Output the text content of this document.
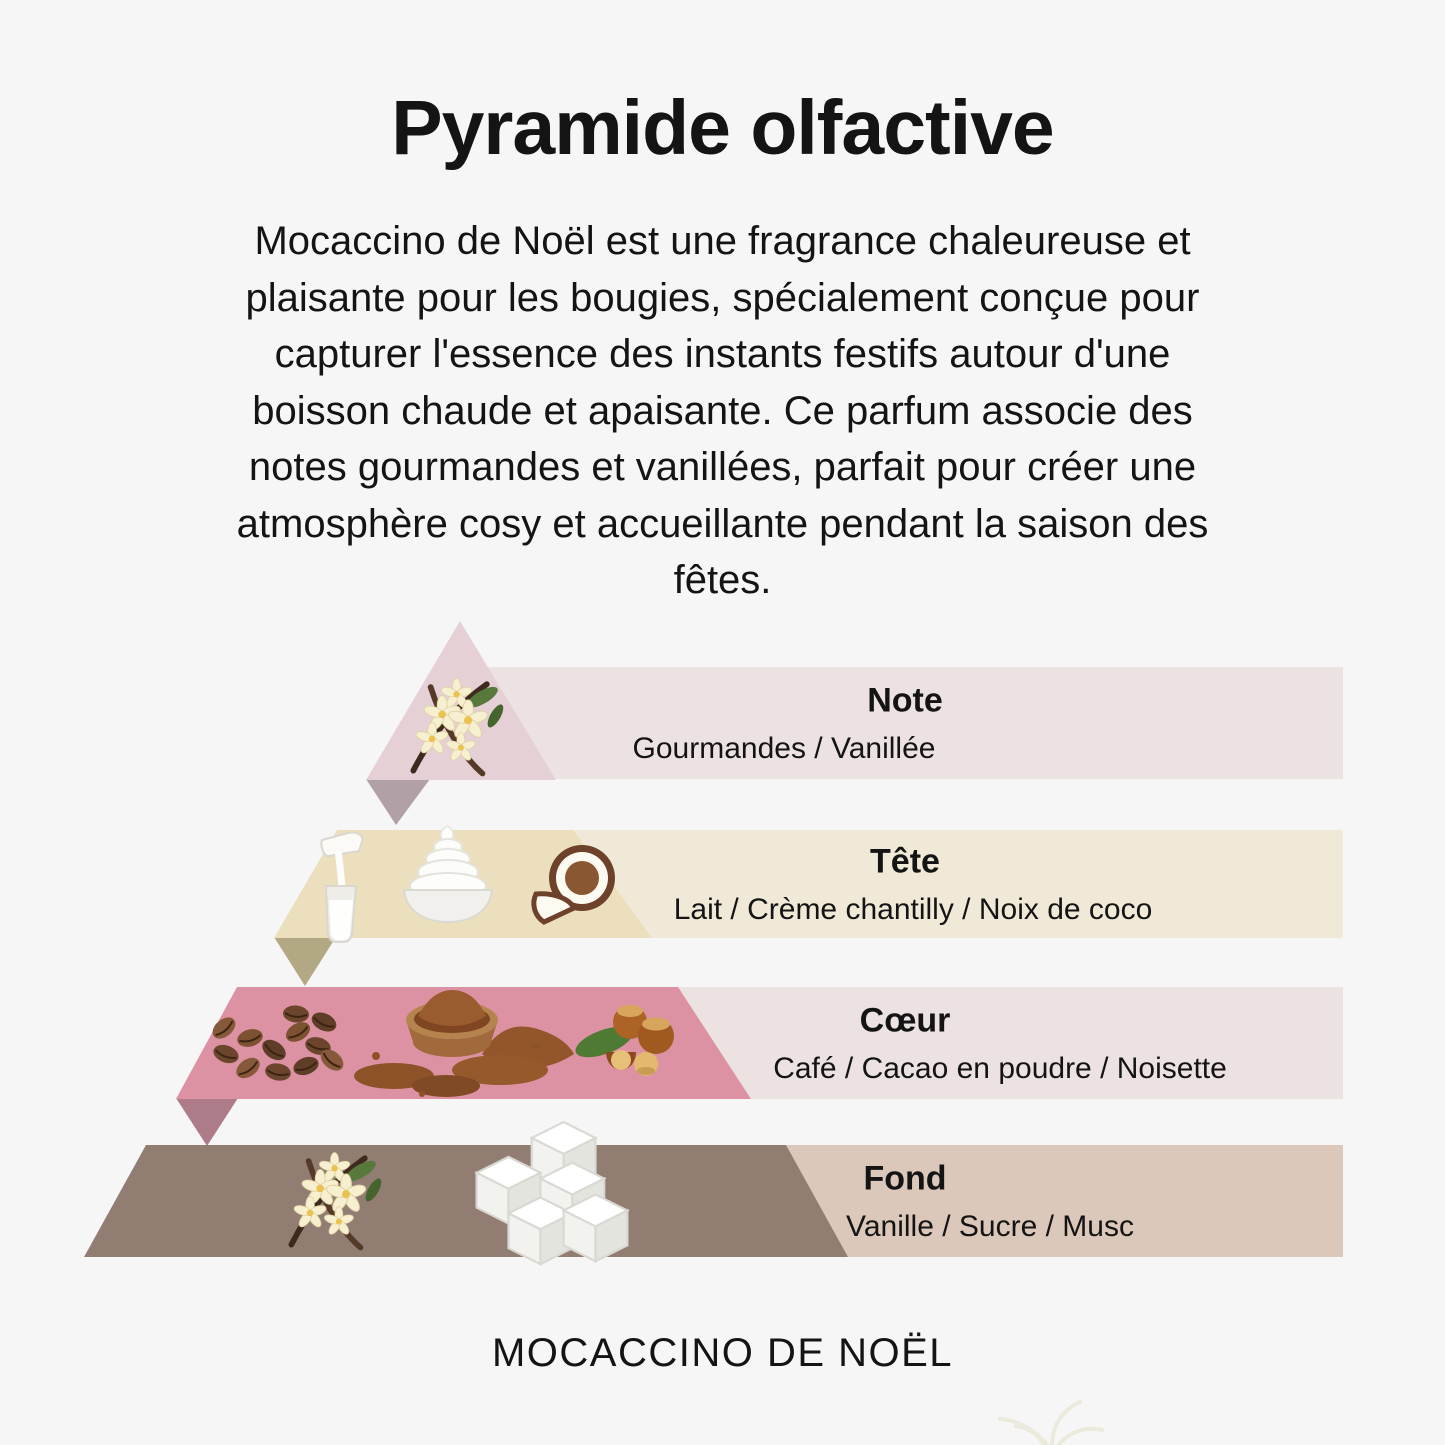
Pyramide olfactive
Mocaccino de Noël est une fragrance chaleureuse et
plaisante pour les bougies, spécialement conçue pour
capturer l'essence des instants festifs autour d'une
boisson chaude et apaisante. Ce parfum associe des
notes gourmandes et vanillées, parfait pour créer une
atmosphère cosy et accueillante pendant la saison des
fêtes.
Note
Gourmandes / Vanillée
Tête
Lait / Crème chantilly / Noix de coco
Cœur
Café / Cacao en poudre / Noisette
Fond
Vanille / Sucre / Musc
MOCACCINO DE NOËL
